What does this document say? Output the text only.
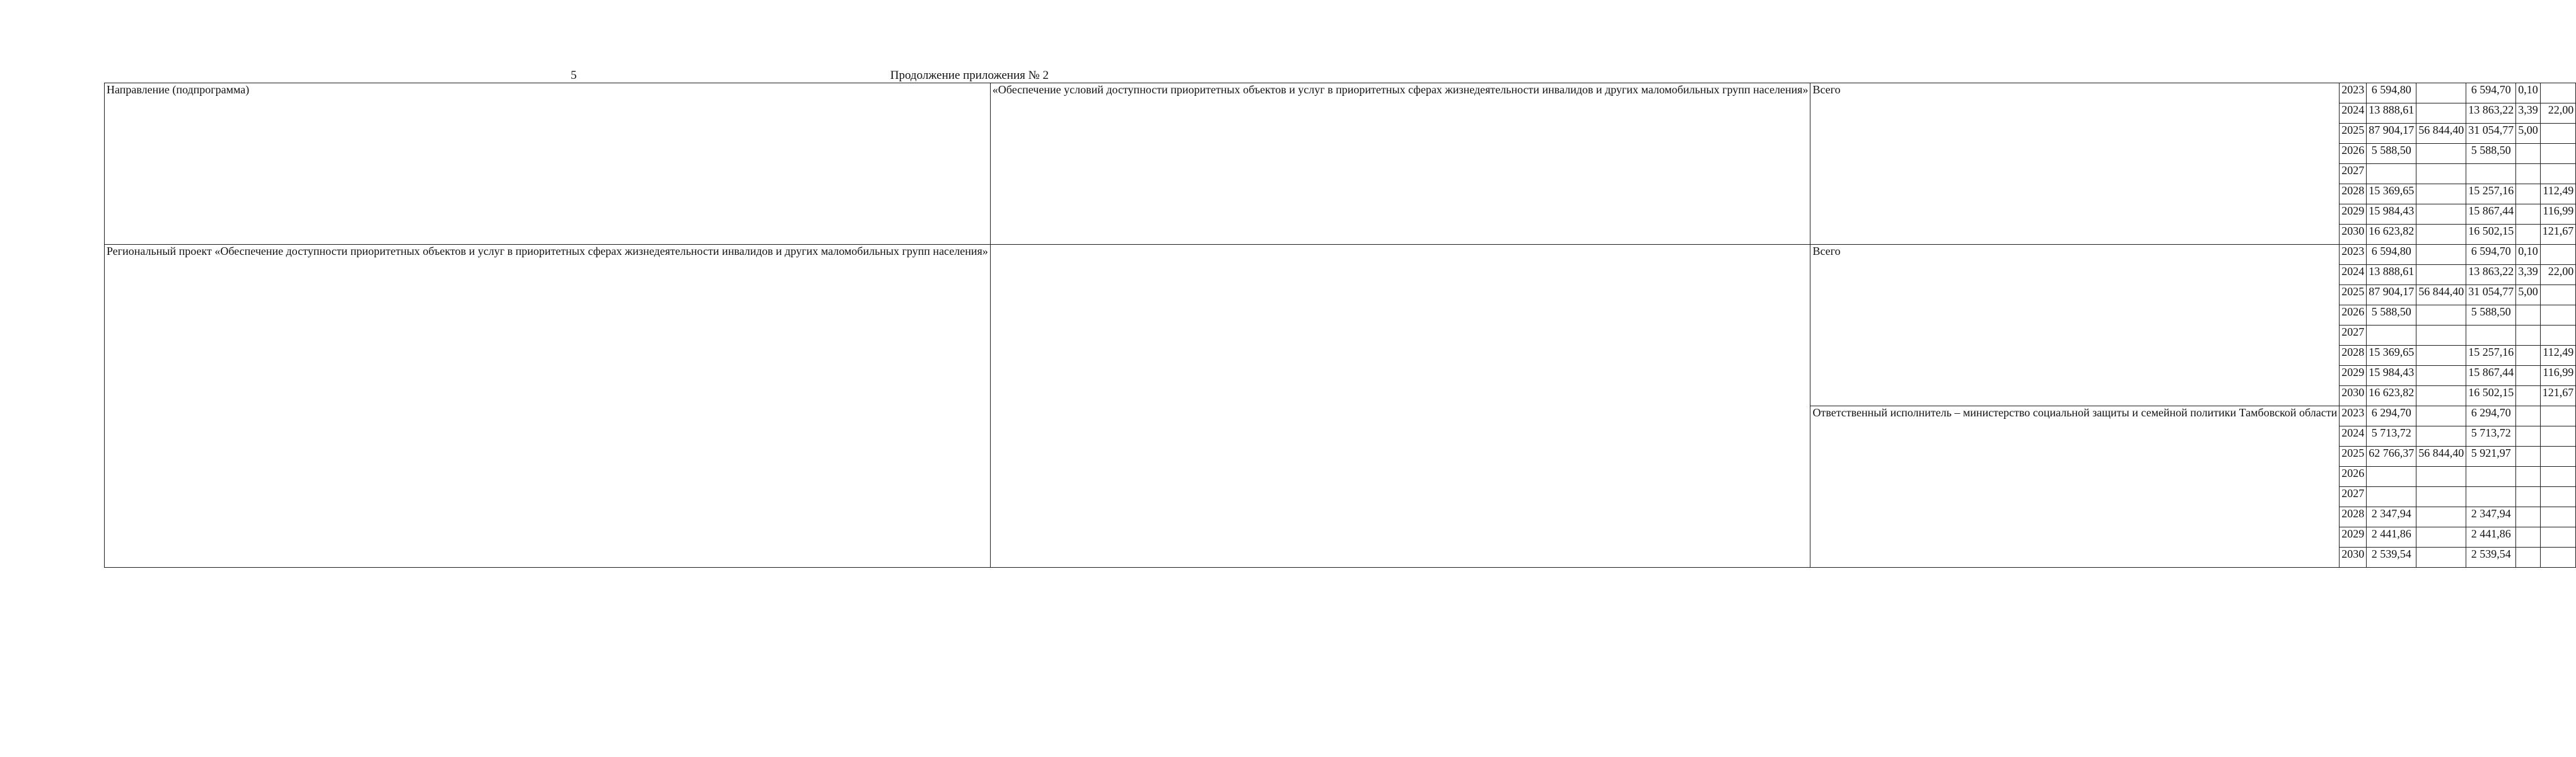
5	Продолжение приложения № 2
Направление (подпрограмма)	«Обеспечение условий доступности приоритетных объектов и услуг в приоритетных сферах жизнедеятельности инвалидов и других маломобильных групп населения»	Всего	2023	6 594,80		6 594,70	0,10	
			2024	13 888,61		13 863,22	3,39	22,00
			2025	87 904,17	56 844,40	31 054,77	5,00	
			2026	5 588,50		5 588,50		
			2027					
			2028	15 369,65		15 257,16		112,49
			2029	15 984,43		15 867,44		116,99
			2030	16 623,82		16 502,15		121,67
Региональный проект «Обеспечение доступности приоритетных объектов и услуг в приоритетных сферах жизнедеятельности инвалидов и других маломобильных групп населения»		Всего	2023	6 594,80		6 594,70	0,10	
			2024	13 888,61		13 863,22	3,39	22,00
			2025	87 904,17	56 844,40	31 054,77	5,00	
			2026	5 588,50		5 588,50		
			2027					
			2028	15 369,65		15 257,16		112,49
			2029	15 984,43		15 867,44		116,99
			2030	16 623,82		16 502,15		121,67
		Ответственный исполнитель – министерство социальной защиты и семейной политики Тамбовской области	2023	6 294,70		6 294,70		
			2024	5 713,72		5 713,72		
			2025	62 766,37	56 844,40	5 921,97		
			2026					
			2027					
			2028	2 347,94		2 347,94		
			2029	2 441,86		2 441,86		
			2030	2 539,54		2 539,54		
